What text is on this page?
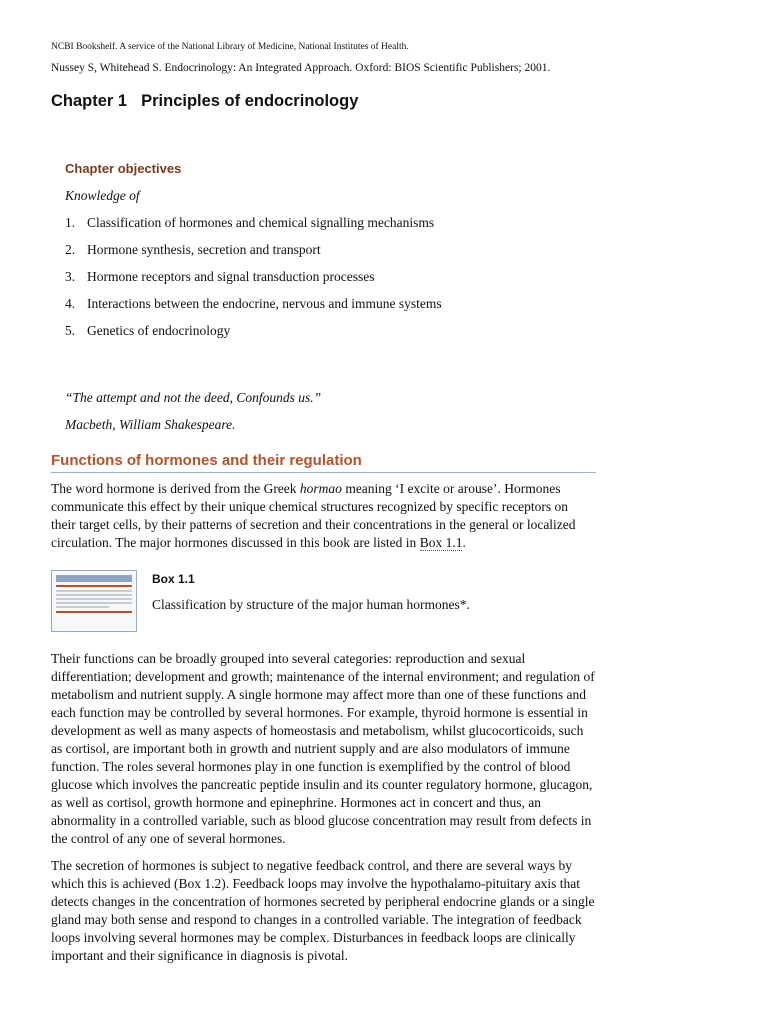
NCBI Bookshelf. A service of the National Library of Medicine, National Institutes of Health.
Nussey S, Whitehead S. Endocrinology: An Integrated Approach. Oxford: BIOS Scientific Publishers; 2001.
Chapter 1 Principles of endocrinology
Chapter objectives
Knowledge of
1. Classification of hormones and chemical signalling mechanisms
2. Hormone synthesis, secretion and transport
3. Hormone receptors and signal transduction processes
4. Interactions between the endocrine, nervous and immune systems
5. Genetics of endocrinology
“The attempt and not the deed, Confounds us.”
Macbeth, William Shakespeare.
Functions of hormones and their regulation

The word hormone is derived from the Greek hormao meaning ‘I excite or arouse’. Hormones communicate this effect by their unique chemical structures recognized by specific receptors on their target cells, by their patterns of secretion and their concentrations in the general or localized circulation. The major hormones discussed in this book are listed in Box 1.1.

Box 1.1
Classification by structure of the major human hormones*.

Their functions can be broadly grouped into several categories: reproduction and sexual differentiation; development and growth; maintenance of the internal environment; and regulation of metabolism and nutrient supply. A single hormone may affect more than one of these functions and each function may be controlled by several hormones. For example, thyroid hormone is essential in development as well as many aspects of homeostasis and metabolism, whilst glucocorticoids, such as cortisol, are important both in growth and nutrient supply and are also modulators of immune function. The roles several hormones play in one function is exemplified by the control of blood glucose which involves the pancreatic peptide insulin and its counter regulatory hormone, glucagon, as well as cortisol, growth hormone and epinephrine. Hormones act in concert and thus, an abnormality in a controlled variable, such as blood glucose concentration may result from defects in the control of any one of several hormones.

The secretion of hormones is subject to negative feedback control, and there are several ways by which this is achieved (Box 1.2). Feedback loops may involve the hypothalamo-pituitary axis that detects changes in the concentration of hormones secreted by peripheral endocrine glands or a single gland may both sense and respond to changes in a controlled variable. The integration of feedback loops involving several hormones may be complex. Disturbances in feedback loops are clinically important and their significance in diagnosis is pivotal.
